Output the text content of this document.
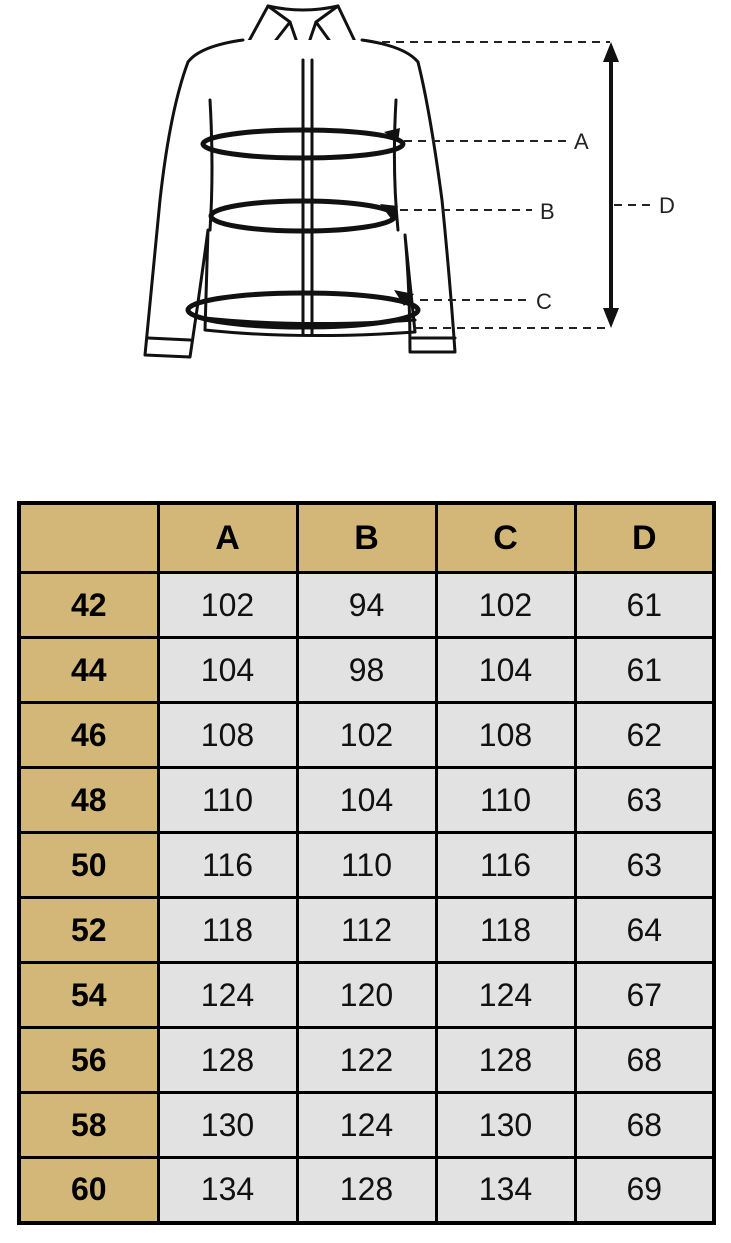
A
B
C
D
	A	B	C	D
42	102	94	102	61
44	104	98	104	61
46	108	102	108	62
48	110	104	110	63
50	116	110	116	63
52	118	112	118	64
54	124	120	124	67
56	128	122	128	68
58	130	124	130	68
60	134	128	134	69
